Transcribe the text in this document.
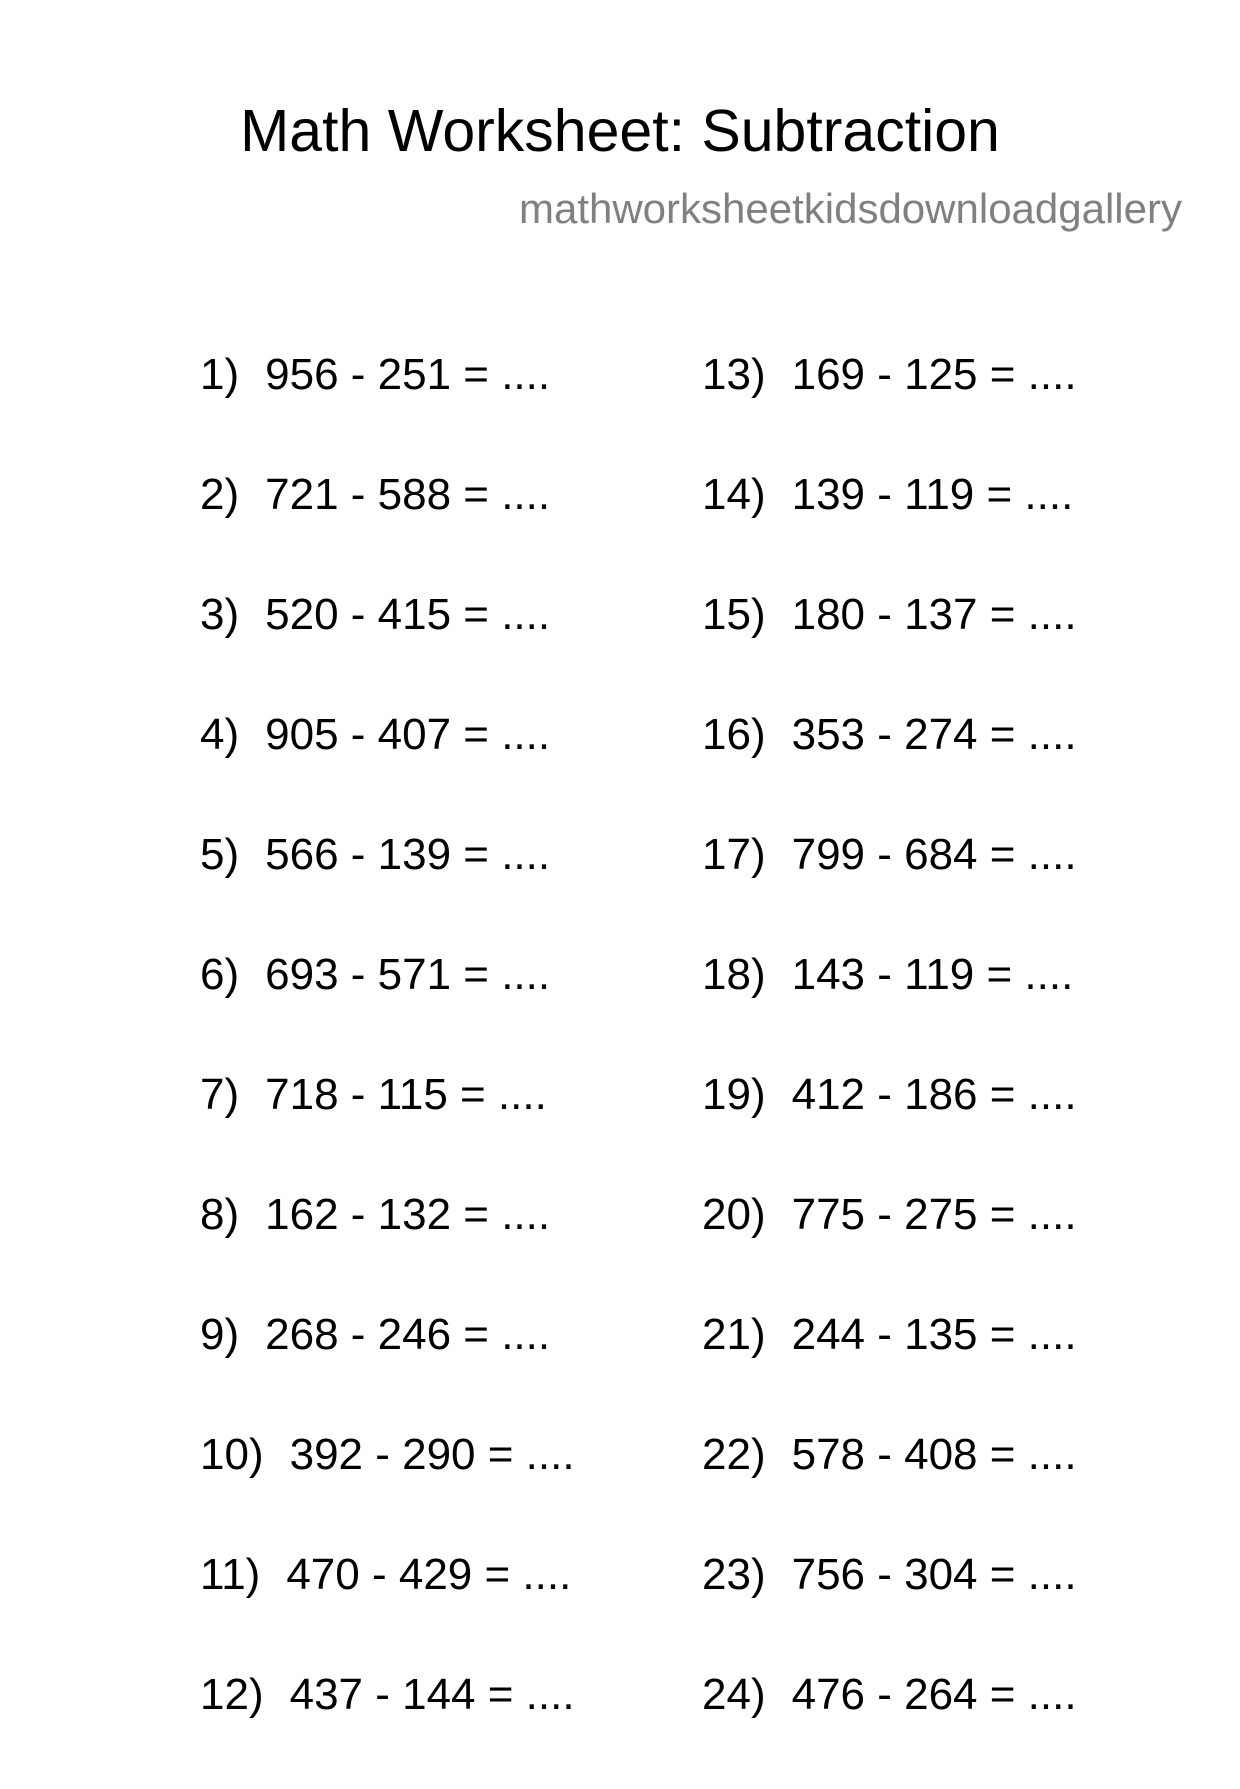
Math Worksheet: Subtraction
mathworksheetkidsdownloadgallery
1) 956 - 251 = ....
2) 721 - 588 = ....
3) 520 - 415 = ....
4) 905 - 407 = ....
5) 566 - 139 = ....
6) 693 - 571 = ....
7) 718 - 115 = ....
8) 162 - 132 = ....
9) 268 - 246 = ....
10) 392 - 290 = ....
11) 470 - 429 = ....
12) 437 - 144 = ....
13) 169 - 125 = ....
14) 139 - 119 = ....
15) 180 - 137 = ....
16) 353 - 274 = ....
17) 799 - 684 = ....
18) 143 - 119 = ....
19) 412 - 186 = ....
20) 775 - 275 = ....
21) 244 - 135 = ....
22) 578 - 408 = ....
23) 756 - 304 = ....
24) 476 - 264 = ....
